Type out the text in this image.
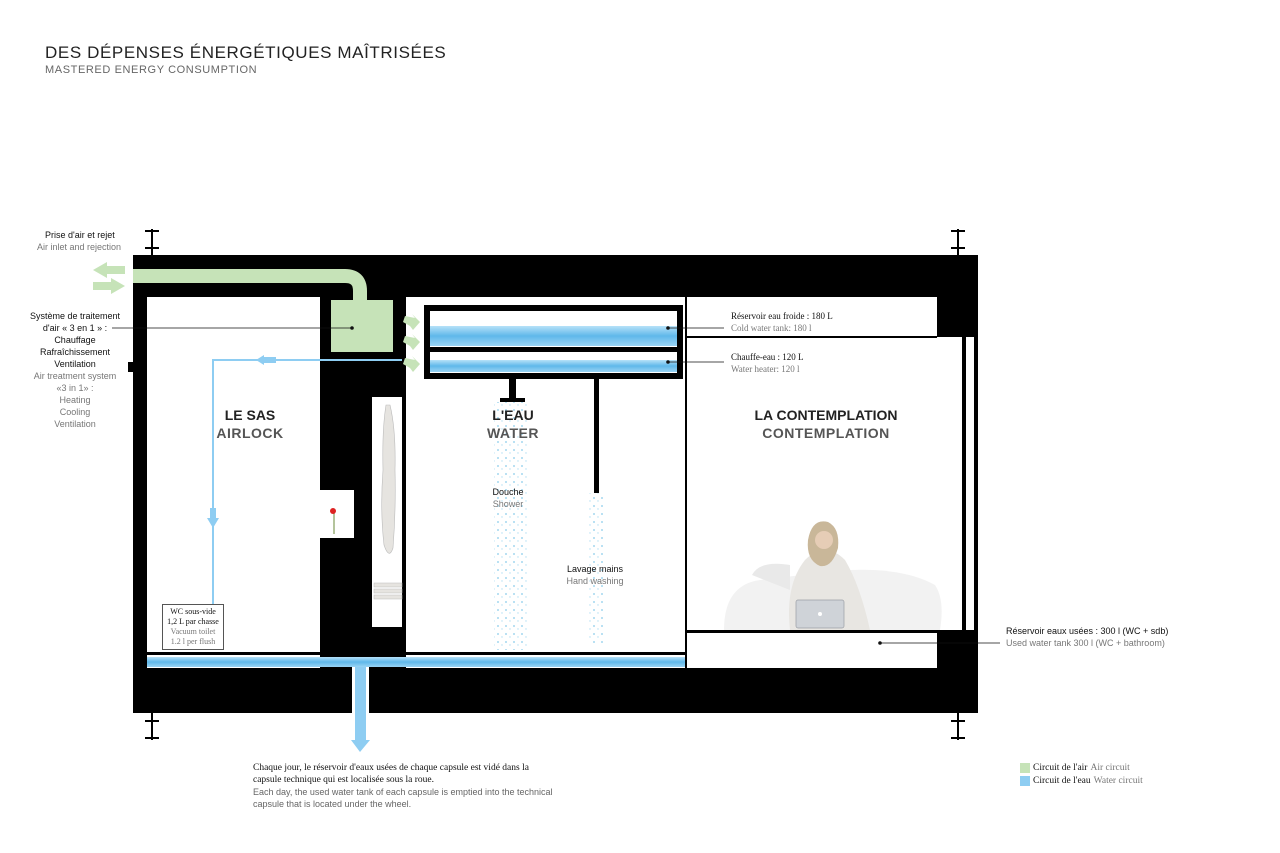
DES DÉPENSES ÉNERGÉTIQUES MAÎTRISÉES
MASTERED ENERGY CONSUMPTION
Prise d'air et rejet
Air inlet and rejection
Système de traitement
d'air « 3 en 1 » :
Chauffage
Rafraîchissement
Ventilation
Air treatment system
«3 in 1» :
Heating
Cooling
Ventilation
Réservoir eau froide : 180 L
Cold water tank: 180 l
Chauffe-eau : 120 L
Water heater: 120 l
Réservoir eaux usées : 300 l (WC + sdb)
Used water tank 300 l (WC + bathroom)
LE SAS
AIRLOCK
L'EAU
WATER
LA CONTEMPLATION
CONTEMPLATION
Douche
Shower
Lavage mains
Hand washing
WC sous-vide
1,2 L par chasse
Vacuum toilet
1.2 l per flush
Chaque jour, le réservoir d'eaux usées de chaque capsule est vidé dans la capsule technique qui est localisée sous la roue.
Each day, the used water tank of each capsule is emptied into the technical capsule that is located under the wheel.
Circuit de l'air Air circuit
Circuit de l'eau Water circuit
